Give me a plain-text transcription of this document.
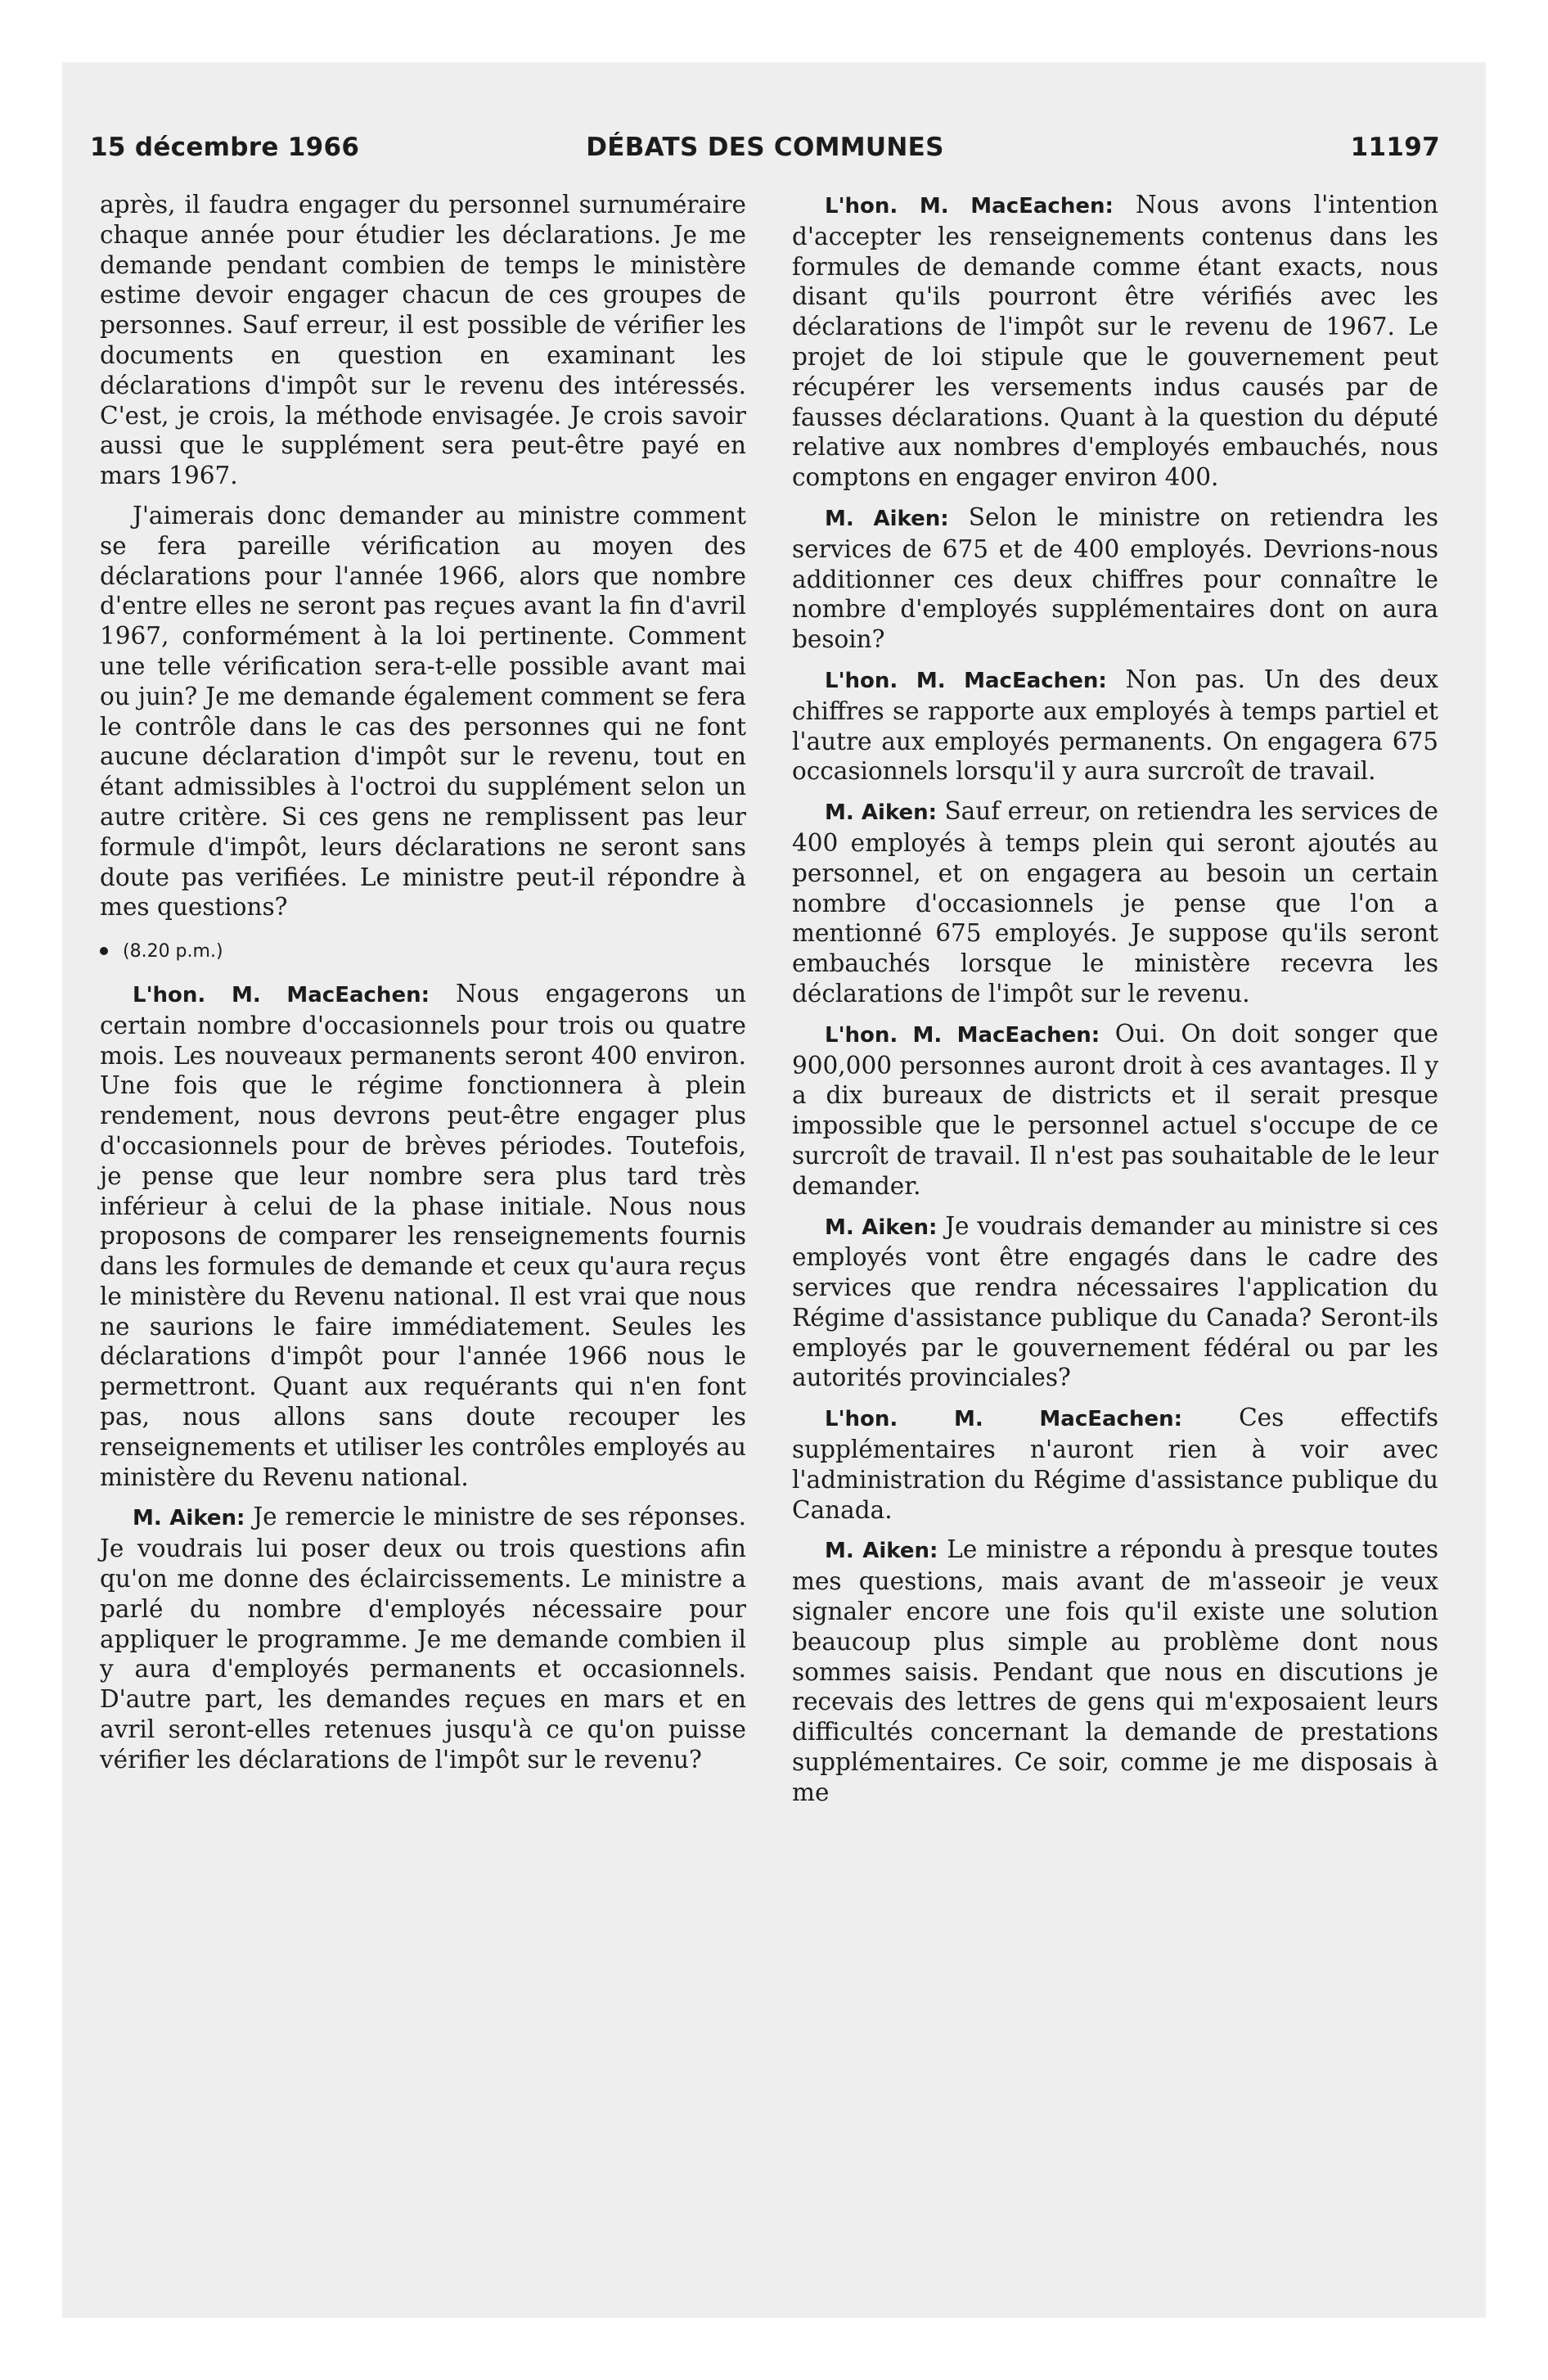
15 décembre 1966	DÉBATS DES COMMUNES	11197

après, il faudra engager du personnel surnuméraire chaque année pour étudier les déclarations. Je me demande pendant combien de temps le ministère estime devoir engager chacun de ces groupes de personnes. Sauf erreur, il est possible de vérifier les documents en question en examinant les déclarations d'impôt sur le revenu des intéressés. C'est, je crois, la méthode envisagée. Je crois savoir aussi que le supplément sera peut-être payé en mars 1967.

J'aimerais donc demander au ministre comment se fera pareille vérification au moyen des déclarations pour l'année 1966, alors que nombre d'entre elles ne seront pas reçues avant la fin d'avril 1967, conformément à la loi pertinente. Comment une telle vérification sera-t-elle possible avant mai ou juin? Je me demande également comment se fera le contrôle dans le cas des personnes qui ne font aucune déclaration d'impôt sur le revenu, tout en étant admissibles à l'octroi du supplément selon un autre critère. Si ces gens ne remplissent pas leur formule d'impôt, leurs déclarations ne seront sans doute pas verifiées. Le ministre peut-il répondre à mes questions?

(8.20 p.m.)

L'hon. M. MacEachen: Nous engagerons un certain nombre d'occasionnels pour trois ou quatre mois. Les nouveaux permanents seront 400 environ. Une fois que le régime fonctionnera à plein rendement, nous devrons peut-être engager plus d'occasionnels pour de brèves périodes. Toutefois, je pense que leur nombre sera plus tard très inférieur à celui de la phase initiale. Nous nous proposons de comparer les renseignements fournis dans les formules de demande et ceux qu'aura reçus le ministère du Revenu national. Il est vrai que nous ne saurions le faire immédiatement. Seules les déclarations d'impôt pour l'année 1966 nous le permettront. Quant aux requérants qui n'en font pas, nous allons sans doute recouper les renseignements et utiliser les contrôles employés au ministère du Revenu national.

M. Aiken: Je remercie le ministre de ses réponses. Je voudrais lui poser deux ou trois questions afin qu'on me donne des éclaircissements. Le ministre a parlé du nombre d'employés nécessaire pour appliquer le programme. Je me demande combien il y aura d'employés permanents et occasionnels. D'autre part, les demandes reçues en mars et en avril seront-elles retenues jusqu'à ce qu'on puisse vérifier les déclarations de l'impôt sur le revenu?

L'hon. M. MacEachen: Nous avons l'intention d'accepter les renseignements contenus dans les formules de demande comme étant exacts, nous disant qu'ils pourront être vérifiés avec les déclarations de l'impôt sur le revenu de 1967. Le projet de loi stipule que le gouvernement peut récupérer les versements indus causés par de fausses déclarations. Quant à la question du député relative aux nombres d'employés embauchés, nous comptons en engager environ 400.

M. Aiken: Selon le ministre on retiendra les services de 675 et de 400 employés. Devrions-nous additionner ces deux chiffres pour connaître le nombre d'employés supplémentaires dont on aura besoin?

L'hon. M. MacEachen: Non pas. Un des deux chiffres se rapporte aux employés à temps partiel et l'autre aux employés permanents. On engagera 675 occasionnels lorsqu'il y aura surcroît de travail.

M. Aiken: Sauf erreur, on retiendra les services de 400 employés à temps plein qui seront ajoutés au personnel, et on engagera au besoin un certain nombre d'occasionnels je pense que l'on a mentionné 675 employés. Je suppose qu'ils seront embauchés lorsque le ministère recevra les déclarations de l'impôt sur le revenu.

L'hon. M. MacEachen: Oui. On doit songer que 900,000 personnes auront droit à ces avantages. Il y a dix bureaux de districts et il serait presque impossible que le personnel actuel s'occupe de ce surcroît de travail. Il n'est pas souhaitable de le leur demander.

M. Aiken: Je voudrais demander au ministre si ces employés vont être engagés dans le cadre des services que rendra nécessaires l'application du Régime d'assistance publique du Canada? Seront-ils employés par le gouvernement fédéral ou par les autorités provinciales?

L'hon. M. MacEachen: Ces effectifs supplémentaires n'auront rien à voir avec l'administration du Régime d'assistance publique du Canada.

M. Aiken: Le ministre a répondu à presque toutes mes questions, mais avant de m'asseoir je veux signaler encore une fois qu'il existe une solution beaucoup plus simple au problème dont nous sommes saisis. Pendant que nous en discutions je recevais des lettres de gens qui m'exposaient leurs difficultés concernant la demande de prestations supplémentaires. Ce soir, comme je me disposais à me
